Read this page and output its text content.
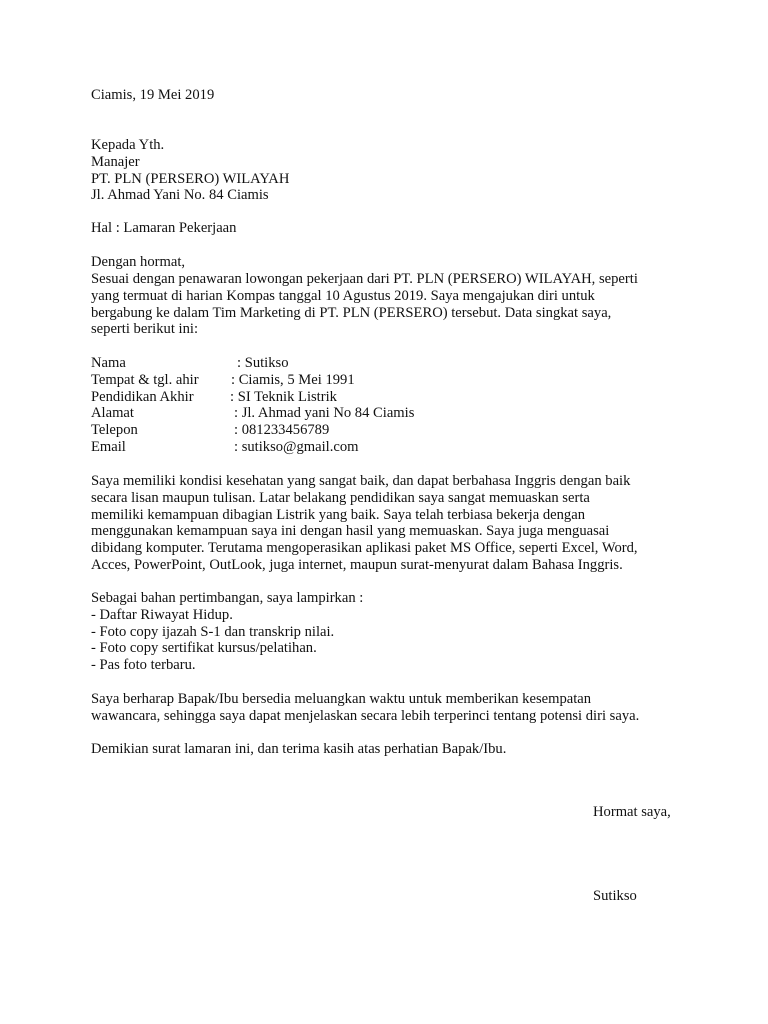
Ciamis, 19 Mei 2019
Kepada Yth.
Manajer
PT. PLN (PERSERO) WILAYAH
Jl. Ahmad Yani No. 84 Ciamis
Hal : Lamaran Pekerjaan
Dengan hormat,
Sesuai dengan penawaran lowongan pekerjaan dari PT. PLN (PERSERO) WILAYAH, seperti
yang termuat di harian Kompas tanggal 10 Agustus 2019. Saya mengajukan diri untuk
bergabung ke dalam Tim Marketing di PT. PLN (PERSERO) tersebut. Data singkat saya,
seperti berikut ini:
Nama	: Sutikso
Tempat & tgl. ahir : Ciamis, 5 Mei 1991
Pendidikan Akhir : SI Teknik Listrik
Alamat	: Jl. Ahmad yani No 84 Ciamis
Telepon	: 081233456789
Email	: sutikso@gmail.com
Saya memiliki kondisi kesehatan yang sangat baik, dan dapat berbahasa Inggris dengan baik
secara lisan maupun tulisan. Latar belakang pendidikan saya sangat memuaskan serta
memiliki kemampuan dibagian Listrik yang baik. Saya telah terbiasa bekerja dengan
menggunakan kemampuan saya ini dengan hasil yang memuaskan. Saya juga menguasai
dibidang komputer. Terutama mengoperasikan aplikasi paket MS Office, seperti Excel, Word,
Acces, PowerPoint, OutLook, juga internet, maupun surat-menyurat dalam Bahasa Inggris.
Sebagai bahan pertimbangan, saya lampirkan :
- Daftar Riwayat Hidup.
- Foto copy ijazah S-1 dan transkrip nilai.
- Foto copy sertifikat kursus/pelatihan.
- Pas foto terbaru.
Saya berharap Bapak/Ibu bersedia meluangkan waktu untuk memberikan kesempatan
wawancara, sehingga saya dapat menjelaskan secara lebih terperinci tentang potensi diri saya.
Demikian surat lamaran ini, dan terima kasih atas perhatian Bapak/Ibu.
Hormat saya,
Sutikso
